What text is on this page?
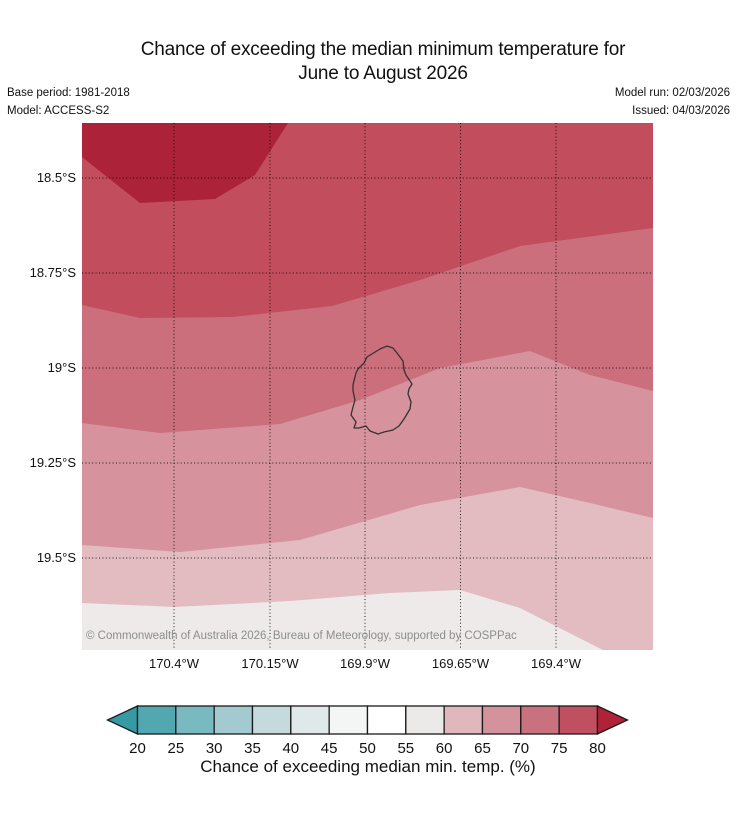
Chance of exceeding the median minimum temperature for
June to August 2026
Base period: 1981-2018
Model: ACCESS-S2
Model run: 02/03/2026
Issued: 04/03/2026
© Commonwealth of Australia 2026, Bureau of Meteorology, supported by COSPPac
18.5°S
18.75°S
19°S
19.25°S
19.5°S
170.4°W	170.15°W	169.9°W	169.65°W	169.4°W
20 25 30 35 40 45 50 55 60 65 70 75 80
Chance of exceeding median min. temp. (%)
